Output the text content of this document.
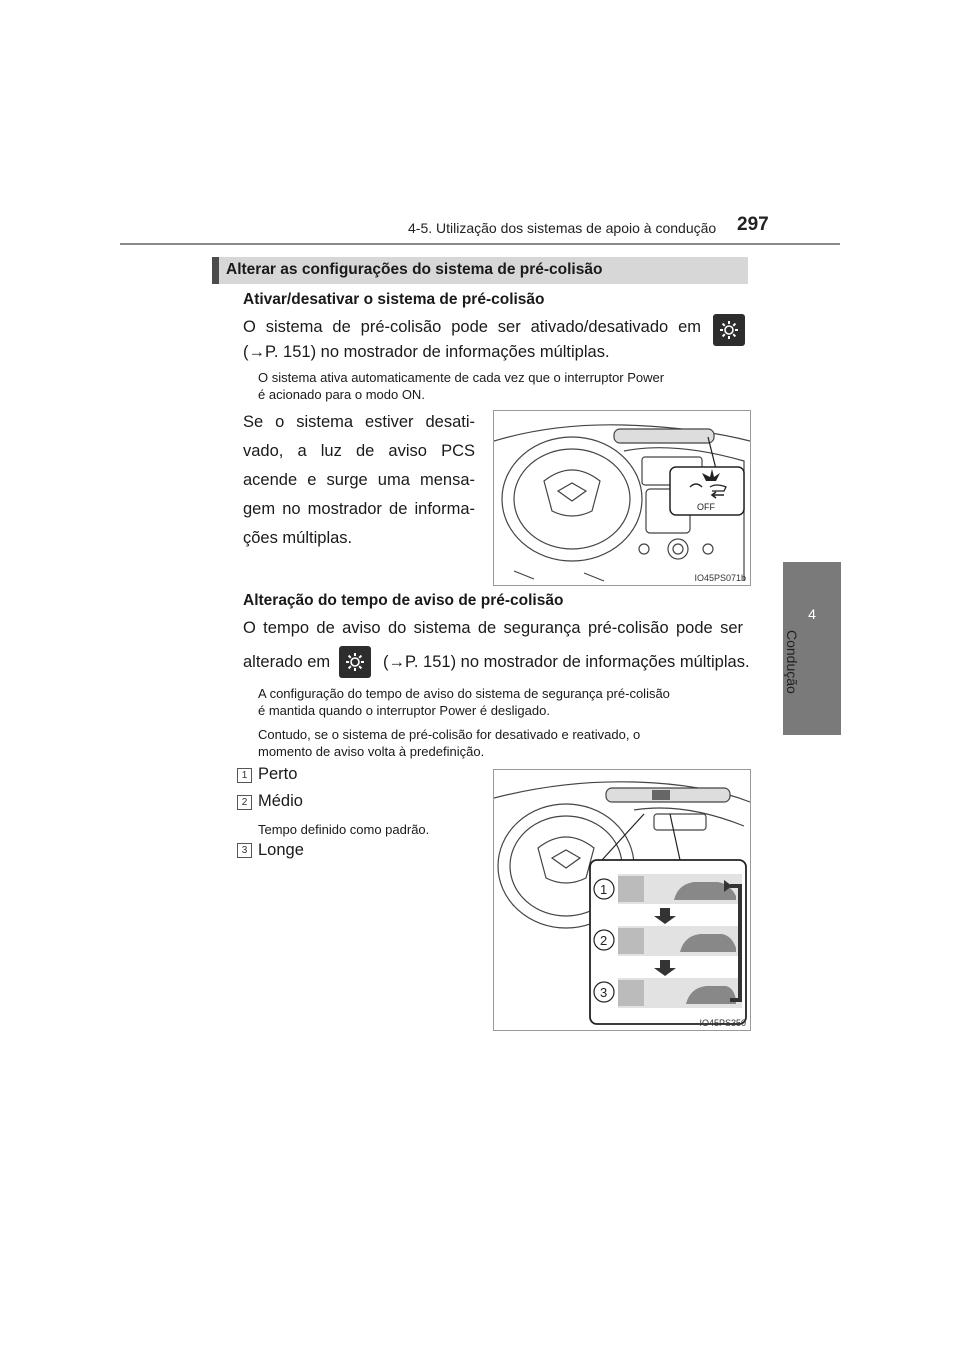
4-5. Utilização dos sistemas de apoio à condução 297
4
Condução
Alterar as configurações do sistema de pré-colisão
Ativar/desativar o sistema de pré-colisão
O sistema de pré-colisão pode ser ativado/desativado em
(→P. 151) no mostrador de informações múltiplas.
O sistema ativa automaticamente de cada vez que o interruptor Power
é acionado para o modo ON.
Se o sistema estiver desati-
vado, a luz de aviso PCS
acende e surge uma mensa-
gem no mostrador de informa-
ções múltiplas.
OFF
IO45PS071b
Alteração do tempo de aviso de pré-colisão
O tempo de aviso do sistema de segurança pré-colisão pode ser
alterado em	(→P. 151) no mostrador de informações múltiplas.
A configuração do tempo de aviso do sistema de segurança pré-colisão
é mantida quando o interruptor Power é desligado.
Contudo, se o sistema de pré-colisão for desativado e reativado, o
momento de aviso volta à predefinição.
1 Perto
2 Médio
Tempo definido como padrão.
3 Longe
1
2
3
IO45PS350
